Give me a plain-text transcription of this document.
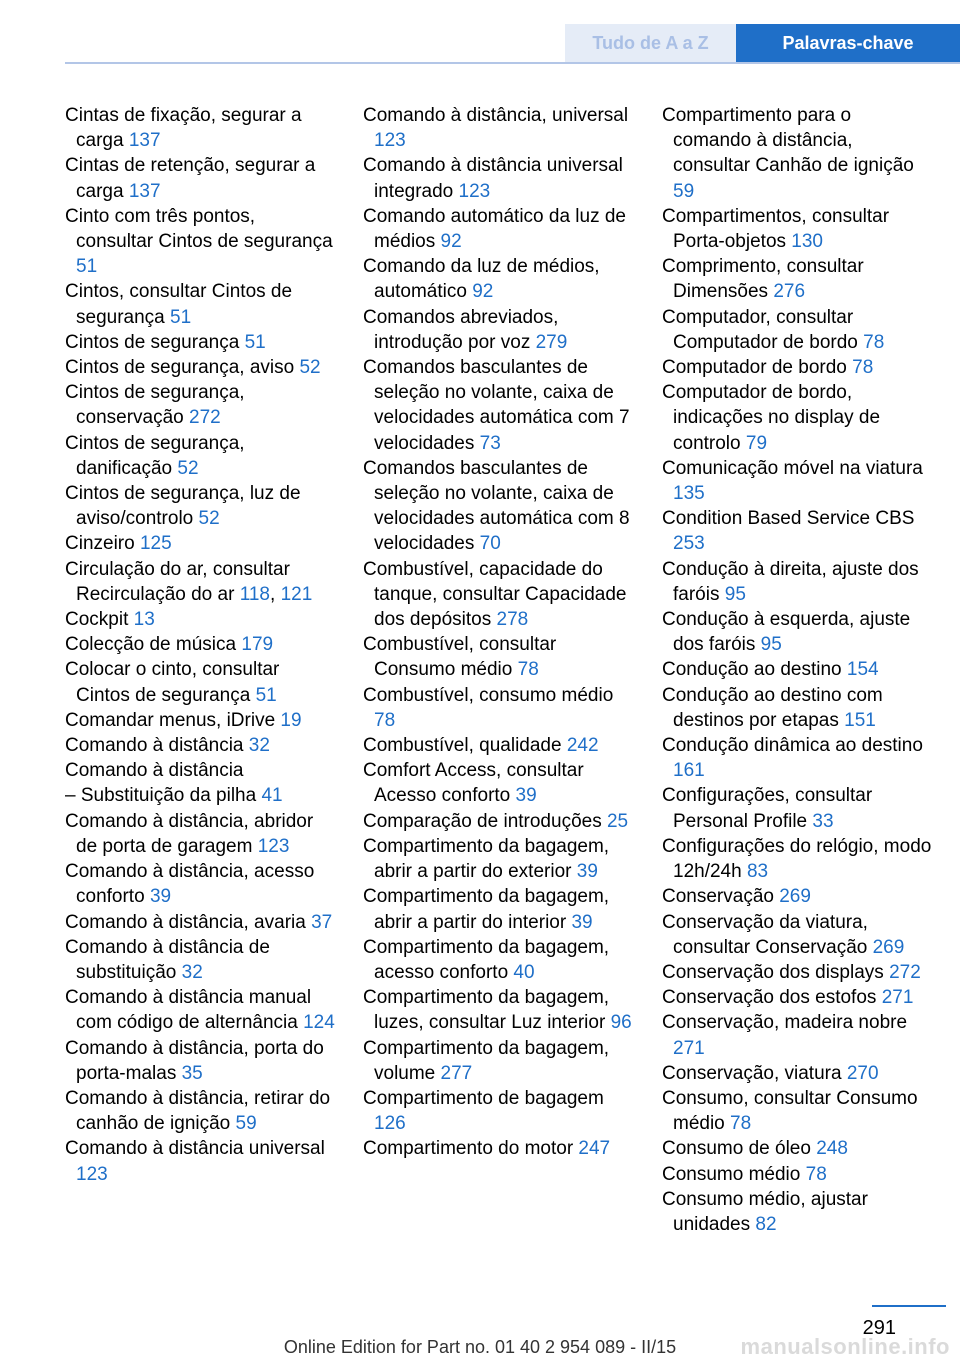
Tudo de A a Z	Palavras-chave
Cintas de fixação, segurar a carga 137
Cintas de retenção, segurar a carga 137
Cinto com três pontos, consultar Cintos de segurança 51
Cintos, consultar Cintos de segurança 51
Cintos de segurança 51
Cintos de segurança, aviso 52
Cintos de segurança, conservação 272
Cintos de segurança, danificação 52
Cintos de segurança, luz de aviso/controlo 52
Cinzeiro 125
Circulação do ar, consultar Recirculação do ar 118, 121
Cockpit 13
Colecção de música 179
Colocar o cinto, consultar Cintos de segurança 51
Comandar menus, iDrive 19
Comando à distância 32
Comando à distância
– Substituição da pilha 41
Comando à distância, abridor de porta de garagem 123
Comando à distância, acesso conforto 39
Comando à distância, avaria 37
Comando à distância de substituição 32
Comando à distância manual com código de alternância 124
Comando à distância, porta do porta-malas 35
Comando à distância, retirar do canhão de ignição 59
Comando à distância universal 123
Comando à distância, universal 123
Comando à distância universal integrado 123
Comando automático da luz de médios 92
Comando da luz de médios, automático 92
Comandos abreviados, introdução por voz 279
Comandos basculantes de seleção no volante, caixa de velocidades automática com 7 velocidades 73
Comandos basculantes de seleção no volante, caixa de velocidades automática com 8 velocidades 70
Combustível, capacidade do tanque, consultar Capacidade dos depósitos 278
Combustível, consultar Consumo médio 78
Combustível, consumo médio 78
Combustível, qualidade 242
Comfort Access, consultar Acesso conforto 39
Comparação de introduções 25
Compartimento da bagagem, abrir a partir do exterior 39
Compartimento da bagagem, abrir a partir do interior 39
Compartimento da bagagem, acesso conforto 40
Compartimento da bagagem, luzes, consultar Luz interior 96
Compartimento da bagagem, volume 277
Compartimento de bagagem 126
Compartimento do motor 247
Compartimento para o comando à distância, consultar Canhão de ignição 59
Compartimentos, consultar Porta-objetos 130
Comprimento, consultar Dimensões 276
Computador, consultar Computador de bordo 78
Computador de bordo 78
Computador de bordo, indicações no display de controlo 79
Comunicação móvel na viatura 135
Condition Based Service CBS 253
Condução à direita, ajuste dos faróis 95
Condução à esquerda, ajuste dos faróis 95
Condução ao destino 154
Condução ao destino com destinos por etapas 151
Condução dinâmica ao destino 161
Configurações, consultar Personal Profile 33
Configurações do relógio, modo 12h/24h 83
Conservação 269
Conservação da viatura, consultar Conservação 269
Conservação dos displays 272
Conservação dos estofos 271
Conservação, madeira nobre 271
Conservação, viatura 270
Consumo, consultar Consumo médio 78
Consumo de óleo 248
Consumo médio 78
Consumo médio, ajustar unidades 82
291
Online Edition for Part no. 01 40 2 954 089 - II/15	manualsonline.info
